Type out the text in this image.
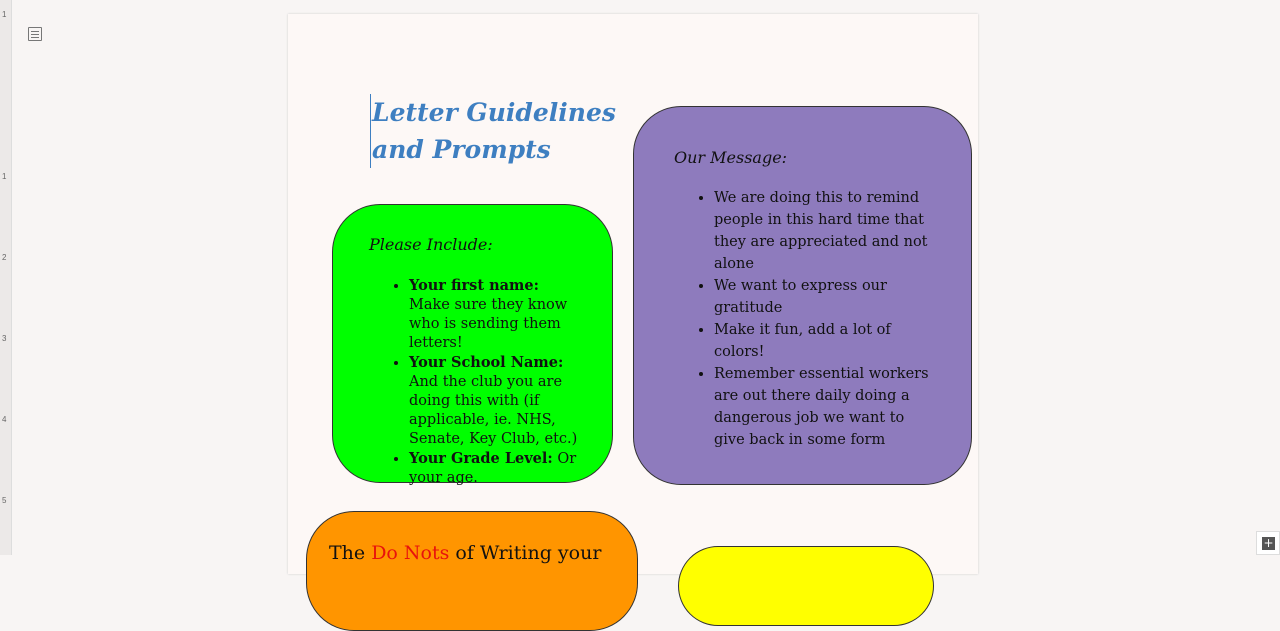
1
1
2
3
4
5
Letter Guidelines
and Prompts
Please Include:
• Your first name: Make sure they know who is sending them letters!
• Your School Name: And the club you are doing this with (if applicable, ie. NHS, Senate, Key Club, etc.)
• Your Grade Level: Or your age.
Our Message:
• We are doing this to remind people in this hard time that they are appreciated and not alone
• We want to express our gratitude
• Make it fun, add a lot of colors!
• Remember essential workers are out there daily doing a dangerous job we want to give back in some form
The Do Nots of Writing your	+
